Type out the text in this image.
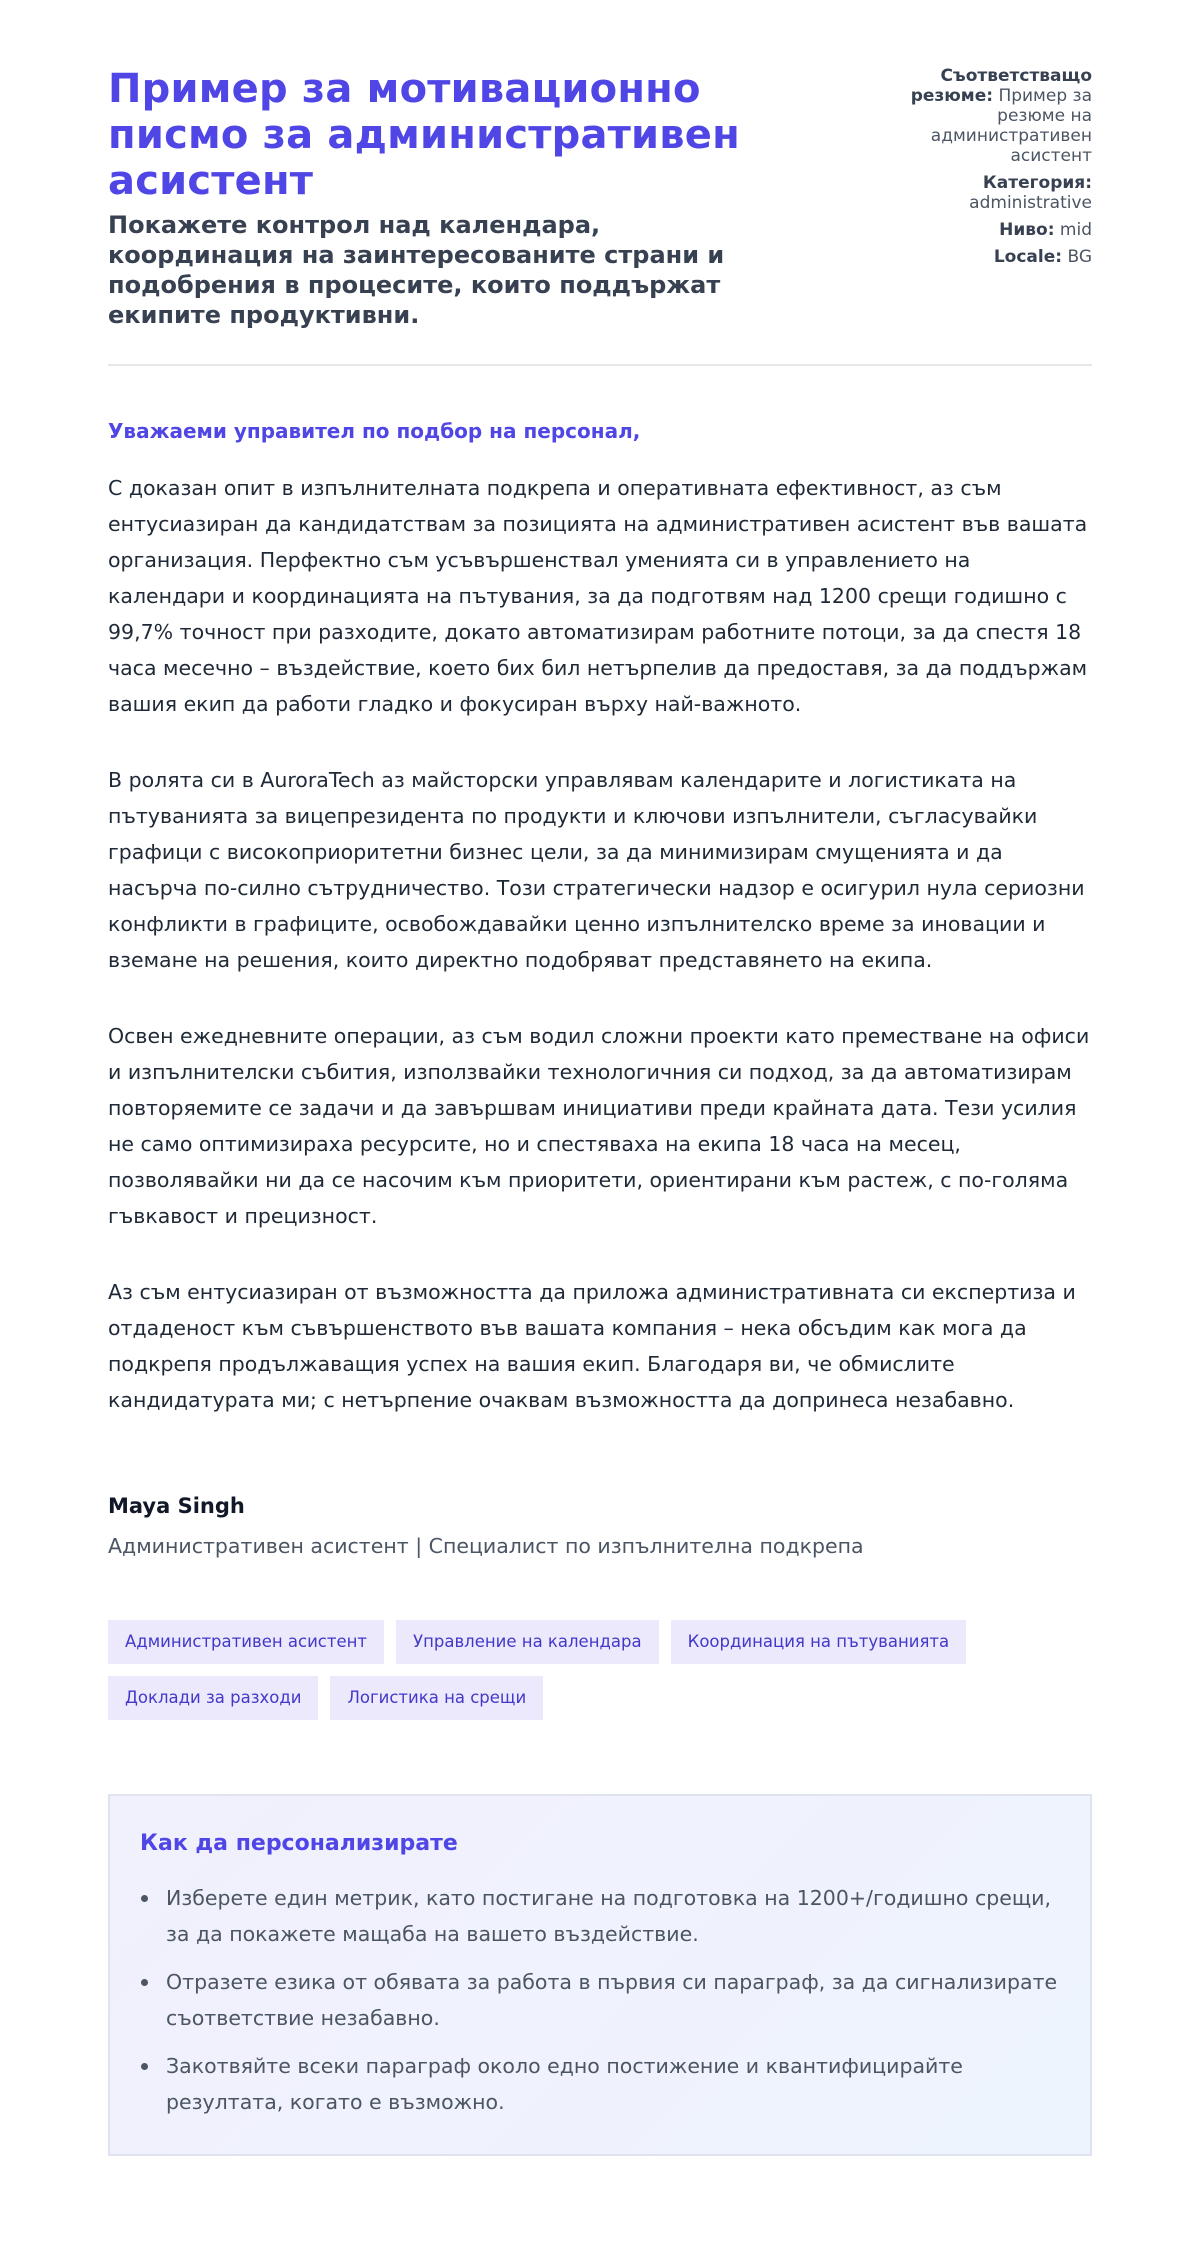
Пример за мотивационно писмо за административен асистент
Покажете контрол над календара, координация на заинтересованите страни и подобрения в процесите, които поддържат екипите продуктивни.
Съответстващо резюме: Пример за резюме на административен асистент
Категория: administrative
Ниво: mid
Locale: BG
Уважаеми управител по подбор на персонал,

С доказан опит в изпълнителната подкрепа и оперативната ефективност, аз съм ентусиазиран да кандидатствам за позицията на административен асистент във вашата организация. Перфектно съм усъвършенствал уменията си в управлението на календари и координацията на пътувания, за да подготвям над 1200 срещи годишно с 99,7% точност при разходите, докато автоматизирам работните потоци, за да спестя 18 часа месечно – въздействие, което бих бил нетърпелив да предоставя, за да поддържам вашия екип да работи гладко и фокусиран върху най-важното.

В ролята си в AuroraTech аз майсторски управлявам календарите и логистиката на пътуванията за вицепрезидента по продукти и ключови изпълнители, съгласувайки графици с високоприоритетни бизнес цели, за да минимизирам смущенията и да насърча по-силно сътрудничество. Този стратегически надзор е осигурил нула сериозни конфликти в графиците, освобождавайки ценно изпълнителско време за иновации и вземане на решения, които директно подобряват представянето на екипа.

Освен ежедневните операции, аз съм водил сложни проекти като преместване на офиси и изпълнителски събития, използвайки технологичния си подход, за да автоматизирам повторяемите се задачи и да завършвам инициативи преди крайната дата. Тези усилия не само оптимизираха ресурсите, но и спестяваха на екипа 18 часа на месец, позволявайки ни да се насочим към приоритети, ориентирани към растеж, с по-голяма гъвкавост и прецизност.

Аз съм ентусиазиран от възможността да приложа административната си експертиза и отдаденост към съвършенството във вашата компания – нека обсъдим как мога да подкрепя продължаващия успех на вашия екип. Благодаря ви, че обмислите кандидатурата ми; с нетърпение очаквам възможността да допринеса незабавно.

Maya Singh
Административен асистент | Специалист по изпълнителна подкрепа
Административен асистент	Управление на календара	Координация на пътуванията
Доклади за разходи	Логистика на срещи
Как да персонализирате
Изберете един метрик, като постигане на подготовка на 1200+/годишно срещи, за да покажете мащаба на вашето въздействие.
Отразете езика от обявата за работа в първия си параграф, за да сигнализирате съответствие незабавно.
Закотвяйте всеки параграф около едно постижение и квантифицирайте резултата, когато е възможно.
